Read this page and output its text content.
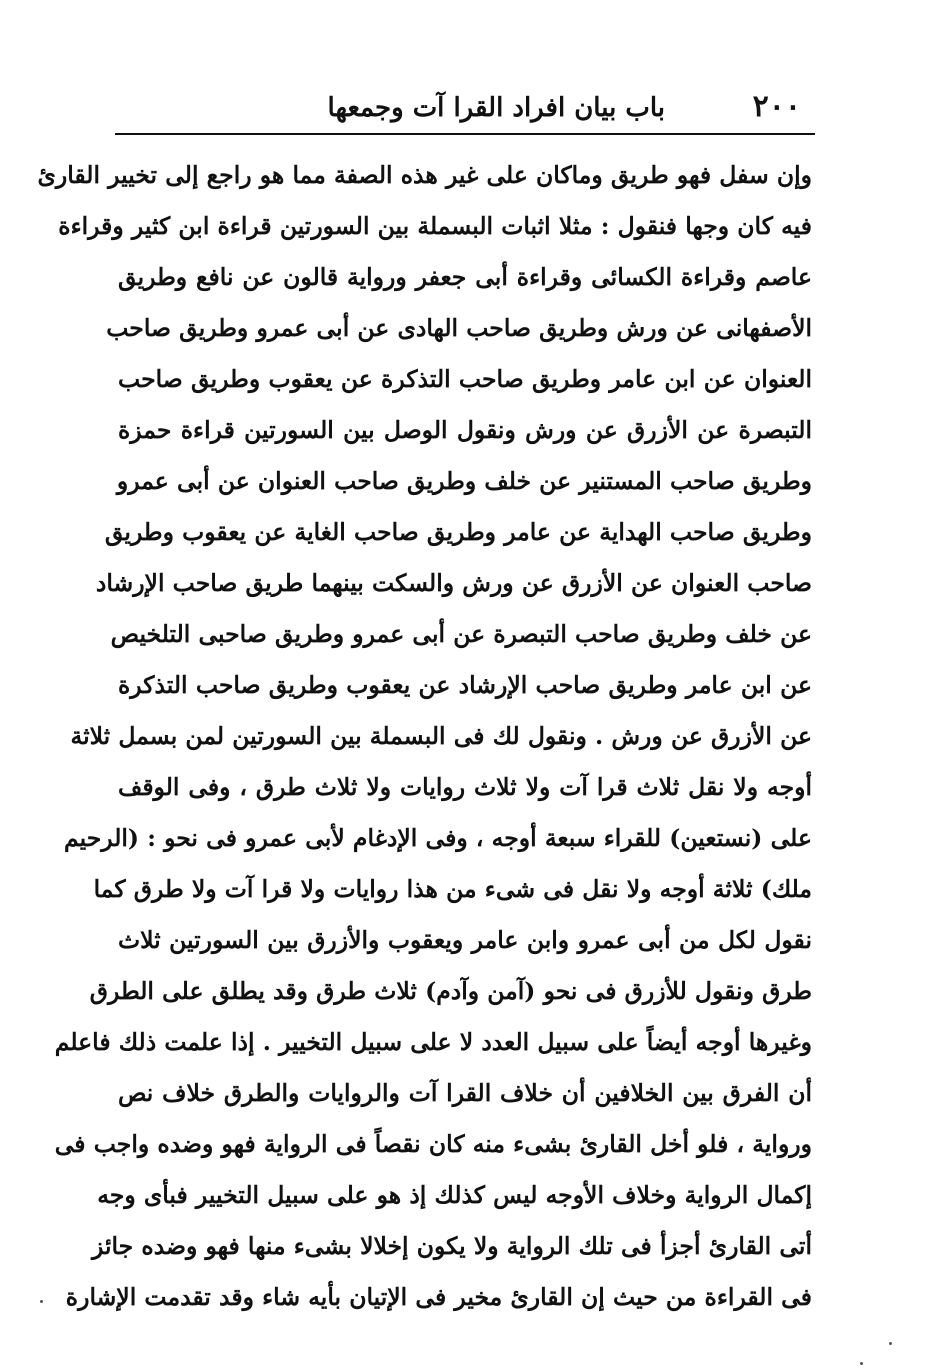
٢٠٠
باب بيان افراد القرا آت وجمعها
وإن سفل فهو طريق وماكان على غير هذه الصفة مما هو راجع إلى تخيير القارئ
فيه كان وجها فنقول : مثلا اثبات البسملة بين السورتين قراءة ابن كثير وقراءة
عاصم وقراءة الكسائى وقراءة أبى جعفر ورواية قالون عن نافع وطريق
الأصفهانى عن ورش وطريق صاحب الهادى عن أبى عمرو وطريق صاحب
العنوان عن ابن عامر وطريق صاحب التذكرة عن يعقوب وطريق صاحب
التبصرة عن الأزرق عن ورش ونقول الوصل بين السورتين قراءة حمزة
وطريق صاحب المستنير عن خلف وطريق صاحب العنوان عن أبى عمرو
وطريق صاحب الهداية عن عامر وطريق صاحب الغاية عن يعقوب وطريق
صاحب العنوان عن الأزرق عن ورش والسكت بينهما طريق صاحب الإرشاد
عن خلف وطريق صاحب التبصرة عن أبى عمرو وطريق صاحبى التلخيص
عن ابن عامر وطريق صاحب الإرشاد عن يعقوب وطريق صاحب التذكرة
عن الأزرق عن ورش . ونقول لك فى البسملة بين السورتين لمن بسمل ثلاثة
أوجه ولا نقل ثلاث قرا آت ولا ثلاث روايات ولا ثلاث طرق ، وفى الوقف
على (نستعين) للقراء سبعة أوجه ، وفى الإدغام لأبى عمرو فى نحو : (الرحيم
ملك) ثلاثة أوجه ولا نقل فى شىء من هذا روايات ولا قرا آت ولا طرق كما
نقول لكل من أبى عمرو وابن عامر ويعقوب والأزرق بين السورتين ثلاث
طرق ونقول للأزرق فى نحو (آمن وآدم) ثلاث طرق وقد يطلق على الطرق
وغيرها أوجه أيضاً على سبيل العدد لا على سبيل التخيير . إذا علمت ذلك فاعلم
أن الفرق بين الخلافين أن خلاف القرا آت والروايات والطرق خلاف نص
ورواية ، فلو أخل القارئ بشىء منه كان نقصاً فى الرواية فهو وضده واجب فى
إكمال الرواية وخلاف الأوجه ليس كذلك إذ هو على سبيل التخيير فبأى وجه
أتى القارئ أجزأ فى تلك الرواية ولا يكون إخلالا بشىء منها فهو وضده جائز
فى القراءة من حيث إن القارئ مخير فى الإتيان بأيه شاء وقد تقدمت الإشارة
